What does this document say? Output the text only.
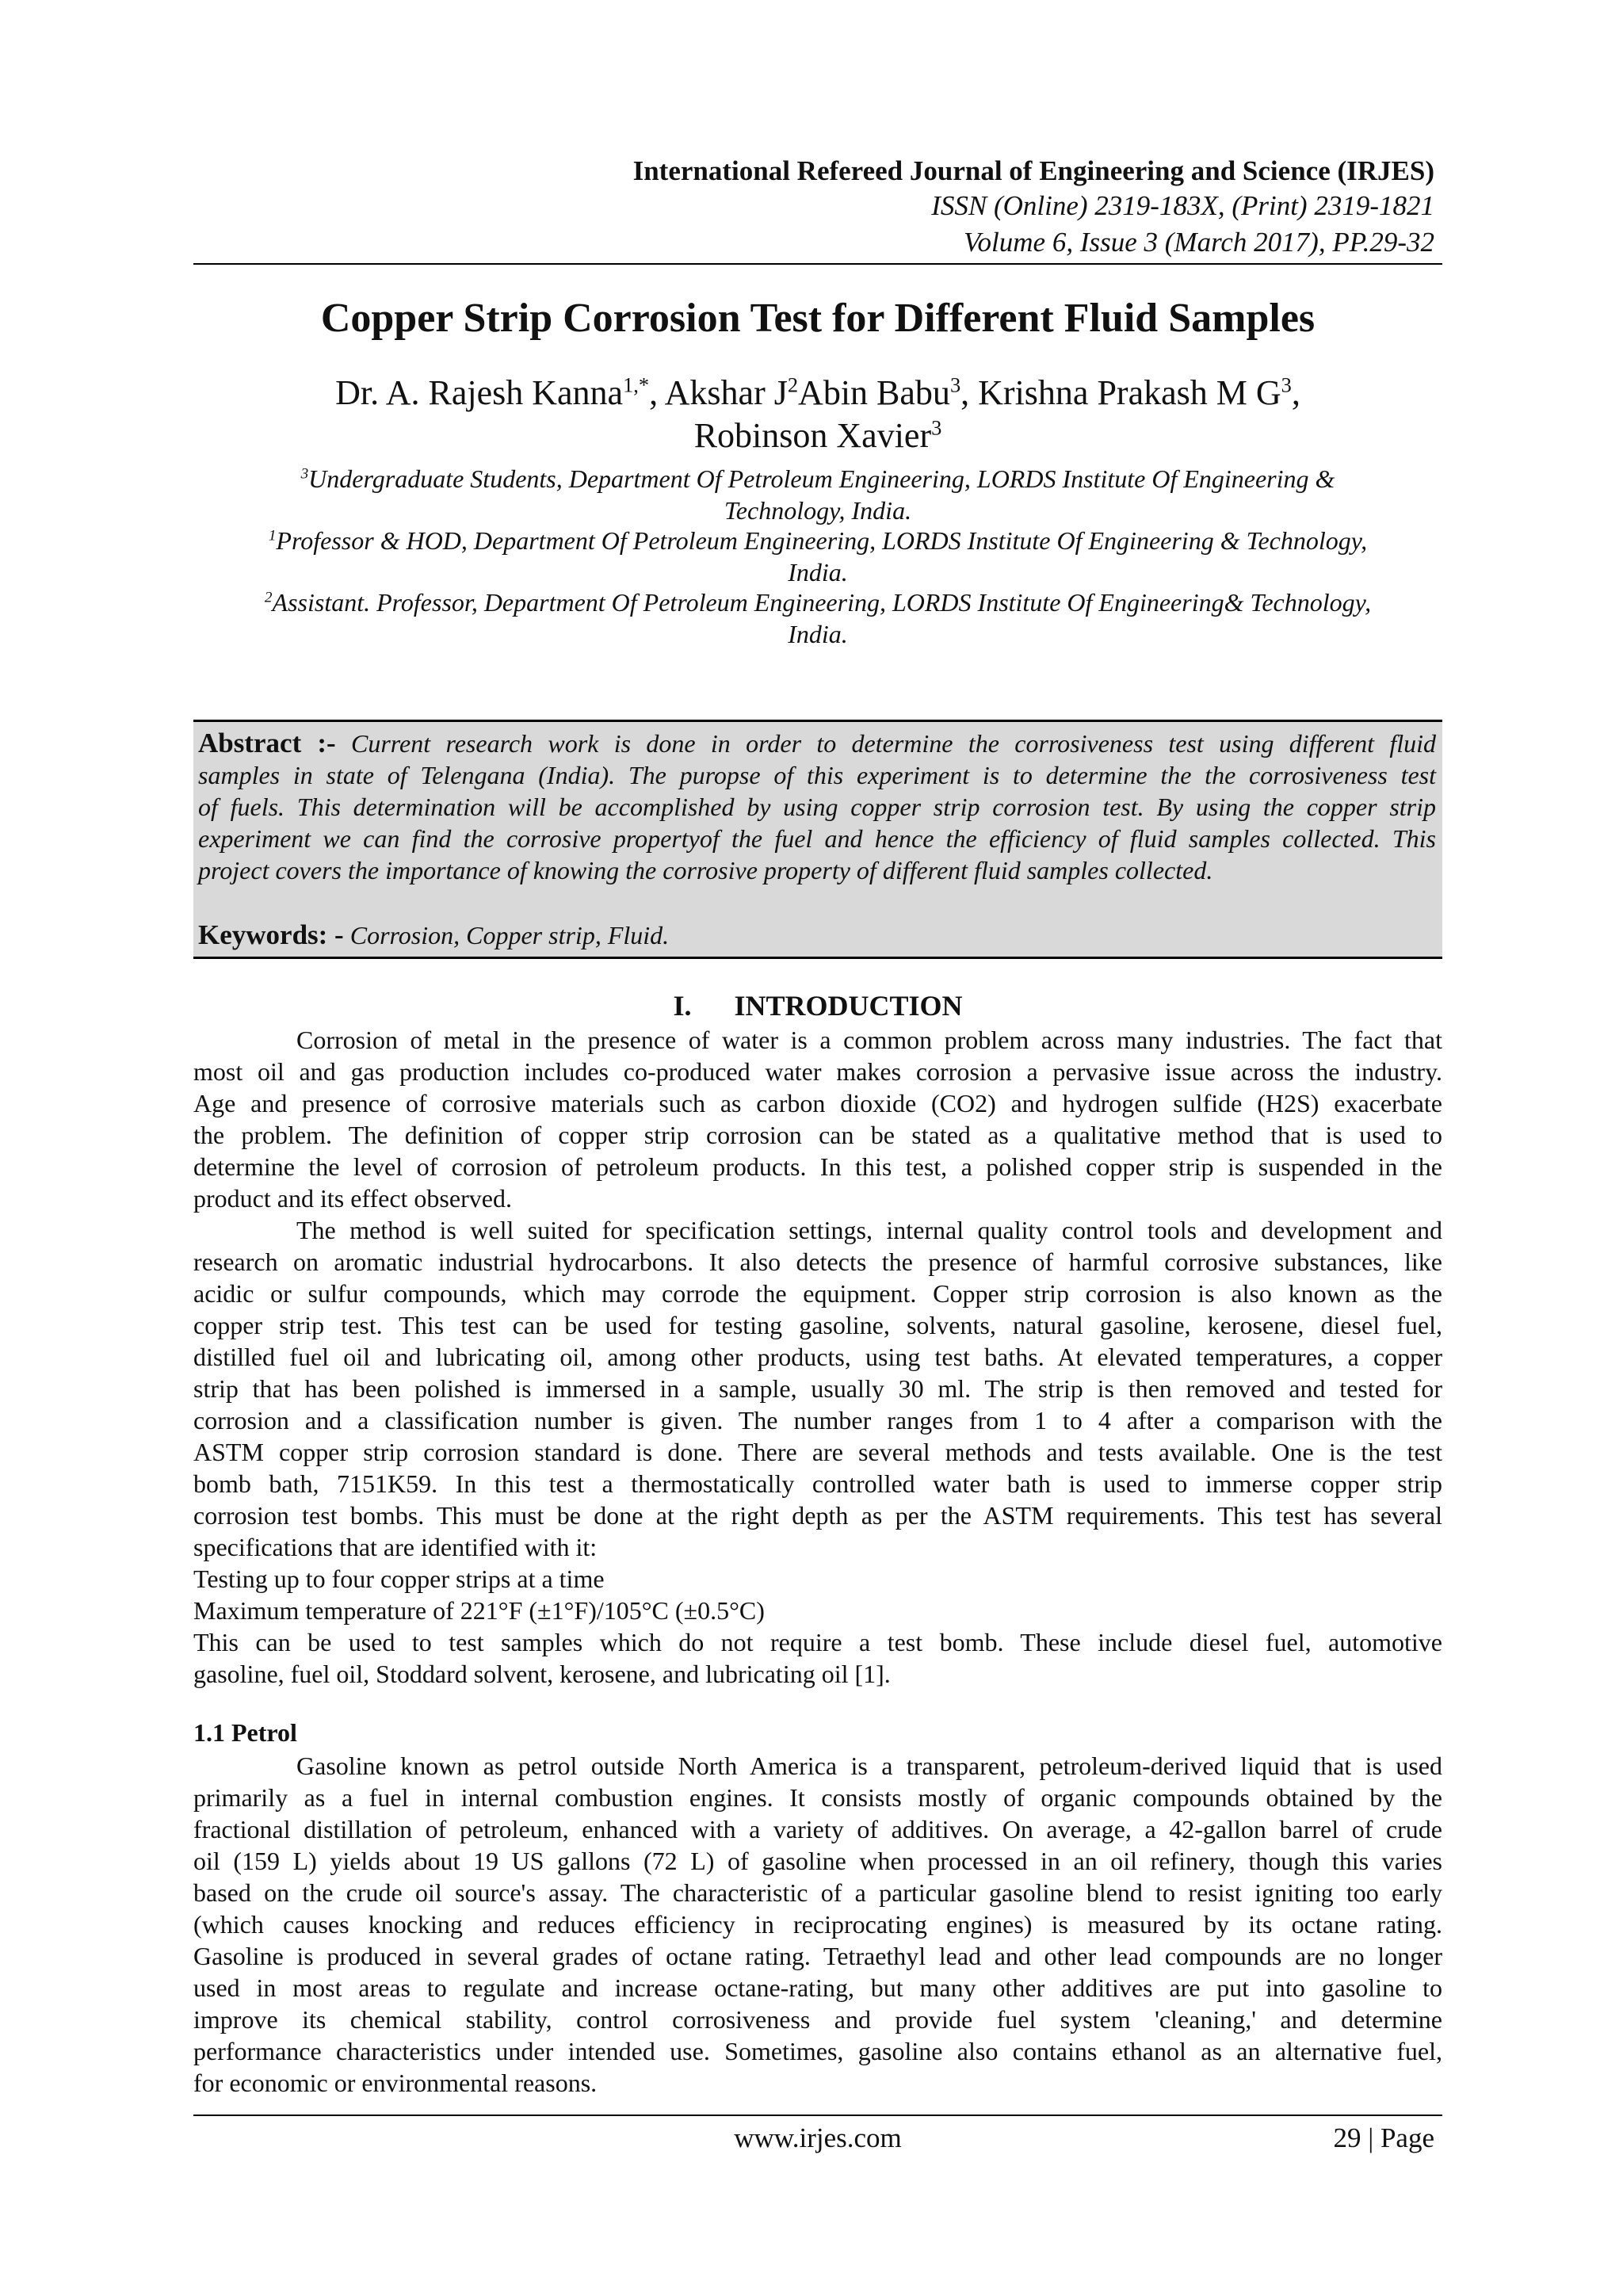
International Refereed Journal of Engineering and Science (IRJES)
ISSN (Online) 2319-183X, (Print) 2319-1821
Volume 6, Issue 3 (March 2017), PP.29-32
Copper Strip Corrosion Test for Different Fluid Samples
Dr. A. Rajesh Kanna$^{1,*}$, Akshar $J^2Abin$ Babu$^3$, Krishna Prakash M $G^3$,
Robinson Xavier$^3$
$^3$Undergraduate Students, Department Of Petroleum Engineering, LORDS Institute Of Engineering &
Technology, India.
$^1$Professor & HOD, Department Of Petroleum Engineering, LORDS Institute Of Engineering & Technology,
India.
$^2$Assistant. Professor, Department Of Petroleum Engineering, LORDS Institute Of Engineering& Technology,
India.
Abstract :- Current research work is done in order to determine the corrosiveness test using different fluid
samples in state of Telengana (India). The puropse of this experiment is to determine the the corrosiveness test
of fuels. This determination will be accomplished by using copper strip corrosion test. By using the copper strip
experiment we can find the corrosive propertyof the fuel and hence the efficiency of fluid samples collected. This
project covers the importance of knowing the corrosive property of different fluid samples collected.
Keywords: - Corrosion, Copper strip, Fluid.
I.      INTRODUCTION
Corrosion of metal in the presence of water is a common problem across many industries. The fact that
most oil and gas production includes co-produced water makes corrosion a pervasive issue across the industry.
Age and presence of corrosive materials such as carbon dioxide (CO2) and hydrogen sulfide (H2S) exacerbate
the problem. The definition of copper strip corrosion can be stated as a qualitative method that is used to
determine the level of corrosion of petroleum products. In this test, a polished copper strip is suspended in the
product and its effect observed.
The method is well suited for specification settings, internal quality control tools and development and
research on aromatic industrial hydrocarbons. It also detects the presence of harmful corrosive substances, like
acidic or sulfur compounds, which may corrode the equipment. Copper strip corrosion is also known as the
copper strip test. This test can be used for testing gasoline, solvents, natural gasoline, kerosene, diesel fuel,
distilled fuel oil and lubricating oil, among other products, using test baths. At elevated temperatures, a copper
strip that has been polished is immersed in a sample, usually 30 ml. The strip is then removed and tested for
corrosion and a classification number is given. The number ranges from 1 to 4 after a comparison with the
ASTM copper strip corrosion standard is done. There are several methods and tests available. One is the test
bomb bath, 7151K59. In this test a thermostatically controlled water bath is used to immerse copper strip
corrosion test bombs. This must be done at the right depth as per the ASTM requirements. This test has several
specifications that are identified with it:
Testing up to four copper strips at a time
Maximum temperature of 221°F (±1°F)/105°C (±0.5°C)
This can be used to test samples which do not require a test bomb. These include diesel fuel, automotive
gasoline, fuel oil, Stoddard solvent, kerosene, and lubricating oil [1].
1.1 Petrol
Gasoline known as petrol outside North America is a transparent, petroleum-derived liquid that is used
primarily as a fuel in internal combustion engines. It consists mostly of organic compounds obtained by the
fractional distillation of petroleum, enhanced with a variety of additives. On average, a 42-gallon barrel of crude
oil (159 L) yields about 19 US gallons (72 L) of gasoline when processed in an oil refinery, though this varies
based on the crude oil source's assay. The characteristic of a particular gasoline blend to resist igniting too early
(which causes knocking and reduces efficiency in reciprocating engines) is measured by its octane rating.
Gasoline is produced in several grades of octane rating. Tetraethyl lead and other lead compounds are no longer
used in most areas to regulate and increase octane-rating, but many other additives are put into gasoline to
improve its chemical stability, control corrosiveness and provide fuel system 'cleaning,' and determine
performance characteristics under intended use. Sometimes, gasoline also contains ethanol as an alternative fuel,
for economic or environmental reasons.
www.irjes.com	29 | Page
